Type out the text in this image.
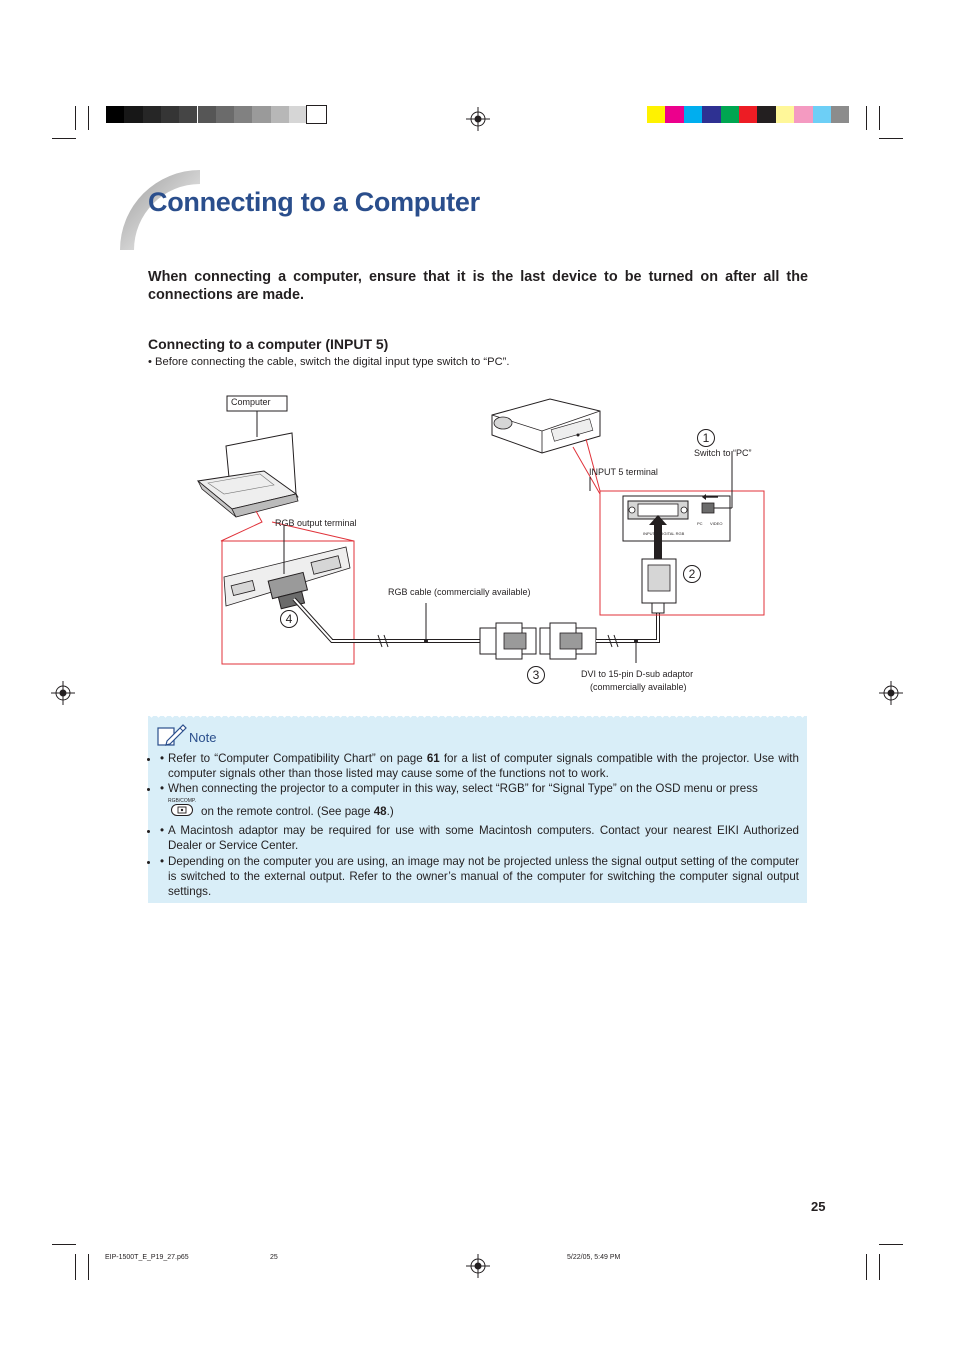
Connecting to a Computer
When connecting a computer, ensure that it is the last device to be turned on after all the connections are made.
Connecting to a computer (INPUT 5)
• Before connecting the cable, switch the digital input type switch to “PC”.
Computer
RGB output terminal
INPUT 5 terminal
Switch to “PC”
RGB cable (commercially available)
DVI to 15-pin D-sub adaptor
(commercially available)
PC VIDEO
INPUT 5 DIGITAL RGB
1
2
3
4
Note
• • Refer to “Computer Compatibility Chart” on page 61 for a list of computer signals compatible with the projector. Use with computer signals other than those listed may cause some of the functions not to work.
• • When connecting the projector to a computer in this way, select “RGB” for “Signal Type” on the OSD menu or press
RGB/COMP.
on the remote control. (See page 48.)
• • A Macintosh adaptor may be required for use with some Macintosh computers. Contact your nearest EIKI Authorized Dealer or Service Center.
• • Depending on the computer you are using, an image may not be projected unless the signal output setting of the computer is switched to the external output. Refer to the owner’s manual of the computer for switching the computer signal output settings.
25
EIP-1500T_E_P19_27.p65	25	5/22/05, 5:49 PM
